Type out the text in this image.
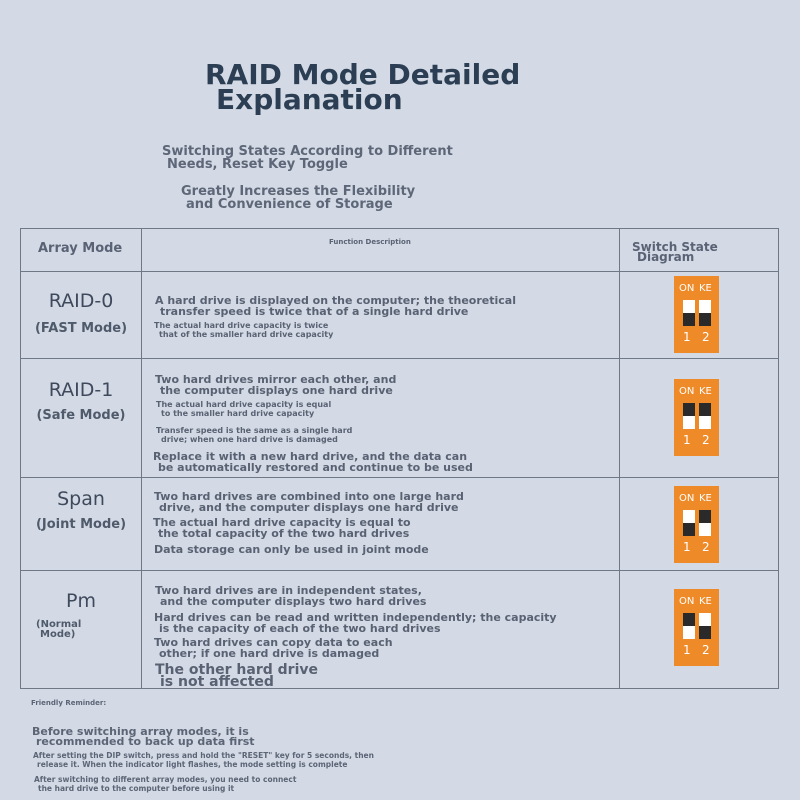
RAID Mode Detailed
Explanation
Switching States According to Different
Needs, Reset Key Toggle
Greatly Increases the Flexibility
and Convenience of Storage
Array Mode	Function Description	Switch State
Diagram
RAID-0
(FAST Mode)
A hard drive is displayed on the computer; the theoretical
transfer speed is twice that of a single hard drive
The actual hard drive capacity is twice
that of the smaller hard drive capacity
RAID-1
(Safe Mode)
Two hard drives mirror each other, and
the computer displays one hard drive
The actual hard drive capacity is equal
to the smaller hard drive capacity
Transfer speed is the same as a single hard
drive; when one hard drive is damaged
Replace it with a new hard drive, and the data can
be automatically restored and continue to be used
Span
(Joint Mode)
Two hard drives are combined into one large hard
drive, and the computer displays one hard drive
The actual hard drive capacity is equal to
the total capacity of the two hard drives
Data storage can only be used in joint mode
Pm
(Normal
Mode)
Two hard drives are in independent states,
and the computer displays two hard drives
Hard drives can be read and written independently; the capacity
is the capacity of each of the two hard drives
Two hard drives can copy data to each
other; if one hard drive is damaged
The other hard drive
is not affected
ON KE
1 2
ON KE
1 2
ON KE
1 2
ON KE
1 2
Friendly Reminder:
Before switching array modes, it is
recommended to back up data first
After setting the DIP switch, press and hold the "RESET" key for 5 seconds, then
release it. When the indicator light flashes, the mode setting is complete
After switching to different array modes, you need to connect
the hard drive to the computer before using it
